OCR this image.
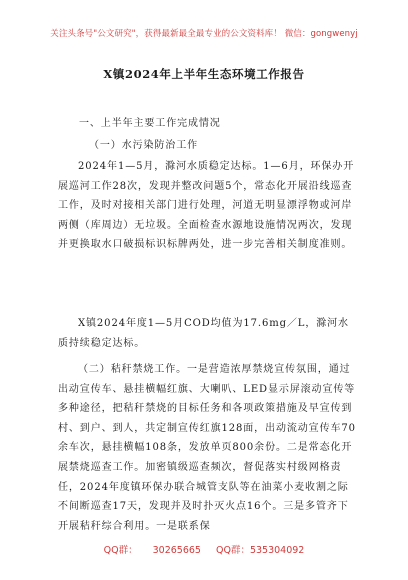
关注头条号"公文研究"，获得最新最全最专业的公文资料库！ 微信：gongwenyj
X镇2024年上半年生态环境工作报告

一、上半年主要工作完成情况

（一）水污染防治工作

2024年1—5月，滁河水质稳定达标。1—6月，环保办开展巡河工作28次，发现并整改问题5个，常态化开展沿线巡查工作，及时对接相关部门进行处理，河道无明显漂浮物或河岸两侧（库周边）无垃圾。全面检查水源地设施情况两次，发现并更换取水口破损标识标牌两处，进一步完善相关制度准则。

X镇2024年度1—5月COD均值为17.6mg／L，滁河水质持续稳定达标。

（二）秸秆禁烧工作。一是营造浓厚禁烧宣传氛围，通过出动宣传车、悬挂横幅红旗、大喇叭、LED显示屏滚动宣传等多种途径，把秸秆禁烧的目标任务和各项政策措施及早宣传到村、到户、到人，共定制宣传红旗128面，出动流动宣传车70余车次，悬挂横幅108条，发放单页800余份。二是常态化开展禁烧巡查工作。加密镇级巡查频次，督促落实村级网格责任，2024年度镇环保办联合城管支队等在油菜小麦收割之际不间断巡查17天，发现并及时扑灭火点16个。三是多管齐下开展秸秆综合利用。一是联系保

QQ群： 30265665 QQ群：535304092
